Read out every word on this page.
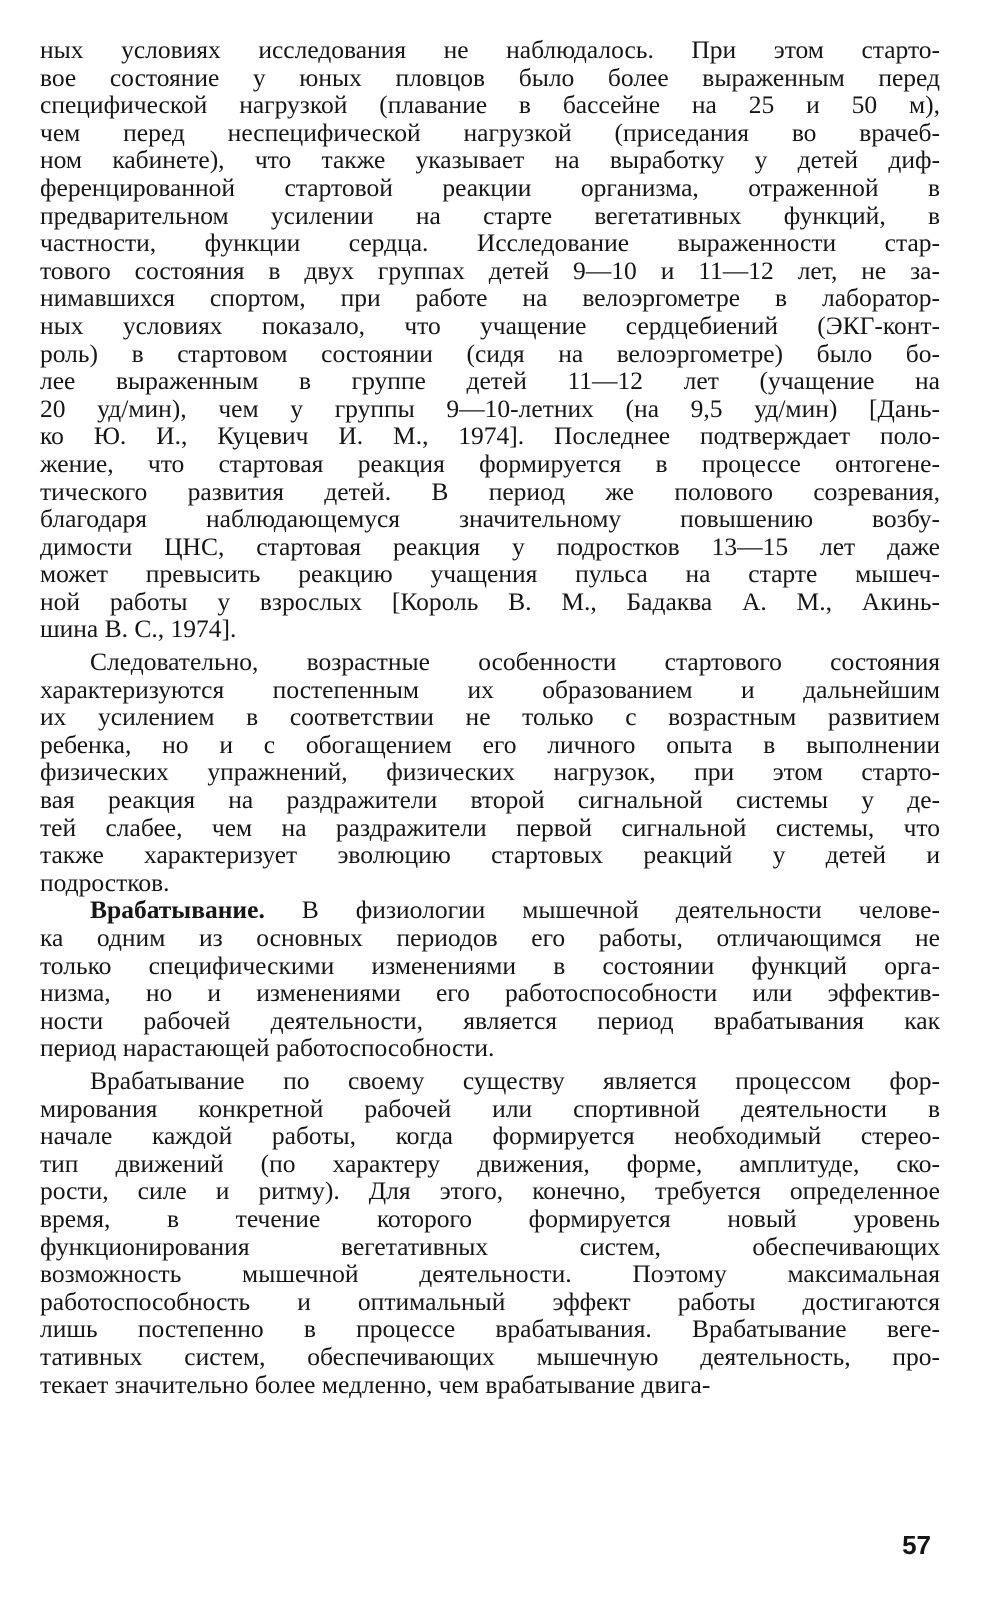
ных условиях исследования не наблюдалось. При этом старто-
вое состояние у юных пловцов было более выраженным перед
специфической нагрузкой (плавание в бассейне на 25 и 50 м),
чем перед неспецифической нагрузкой (приседания во врачеб-
ном кабинете), что также указывает на выработку у детей диф-
ференцированной стартовой реакции организма, отраженной в
предварительном усилении на старте вегетативных функций, в
частности, функции сердца. Исследование выраженности стар-
тового состояния в двух группах детей 9—10 и 11—12 лет, не за-
нимавшихся спортом, при работе на велоэргометре в лаборатор-
ных условиях показало, что учащение сердцебиений (ЭКГ-конт-
роль) в стартовом состоянии (сидя на велоэргометре) было бо-
лее выраженным в группе детей 11—12 лет (учащение на
20 уд/мин), чем у группы 9—10-летних (на 9,5 уд/мин) [Дань-
ко Ю. И., Куцевич И. М., 1974]. Последнее подтверждает поло-
жение, что стартовая реакция формируется в процессе онтогене-
тического развития детей. В период же полового созревания,
благодаря наблюдающемуся значительному повышению возбу-
димости ЦНС, стартовая реакция у подростков 13—15 лет даже
может превысить реакцию учащения пульса на старте мышеч-
ной работы у взрослых [Король В. М., Бадаква А. М., Акинь-
шина В. С., 1974].

Следовательно, возрастные особенности стартового состояния
характеризуются постепенным их образованием и дальнейшим
их усилением в соответствии не только с возрастным развитием
ребенка, но и с обогащением его личного опыта в выполнении
физических упражнений, физических нагрузок, при этом старто-
вая реакция на раздражители второй сигнальной системы у де-
тей слабее, чем на раздражители первой сигнальной системы, что
также характеризует эволюцию стартовых реакций у детей и
подростков.

Врабатывание. В физиологии мышечной деятельности челове-
ка одним из основных периодов его работы, отличающимся не
только специфическими изменениями в состоянии функций орга-
низма, но и изменениями его работоспособности или эффектив-
ности рабочей деятельности, является период врабатывания как
период нарастающей работоспособности.

Врабатывание по своему существу является процессом фор-
мирования конкретной рабочей или спортивной деятельности в
начале каждой работы, когда формируется необходимый стерео-
тип движений (по характеру движения, форме, амплитуде, ско-
рости, силе и ритму). Для этого, конечно, требуется определенное
время, в течение которого формируется новый уровень
функционирования вегетативных систем, обеспечивающих
возможность мышечной деятельности. Поэтому максимальная
работоспособность и оптимальный эффект работы достигаются
лишь постепенно в процессе врабатывания. Врабатывание веге-
тативных систем, обеспечивающих мышечную деятельность, про-
текает значительно более медленно, чем врабатывание двига-

57
